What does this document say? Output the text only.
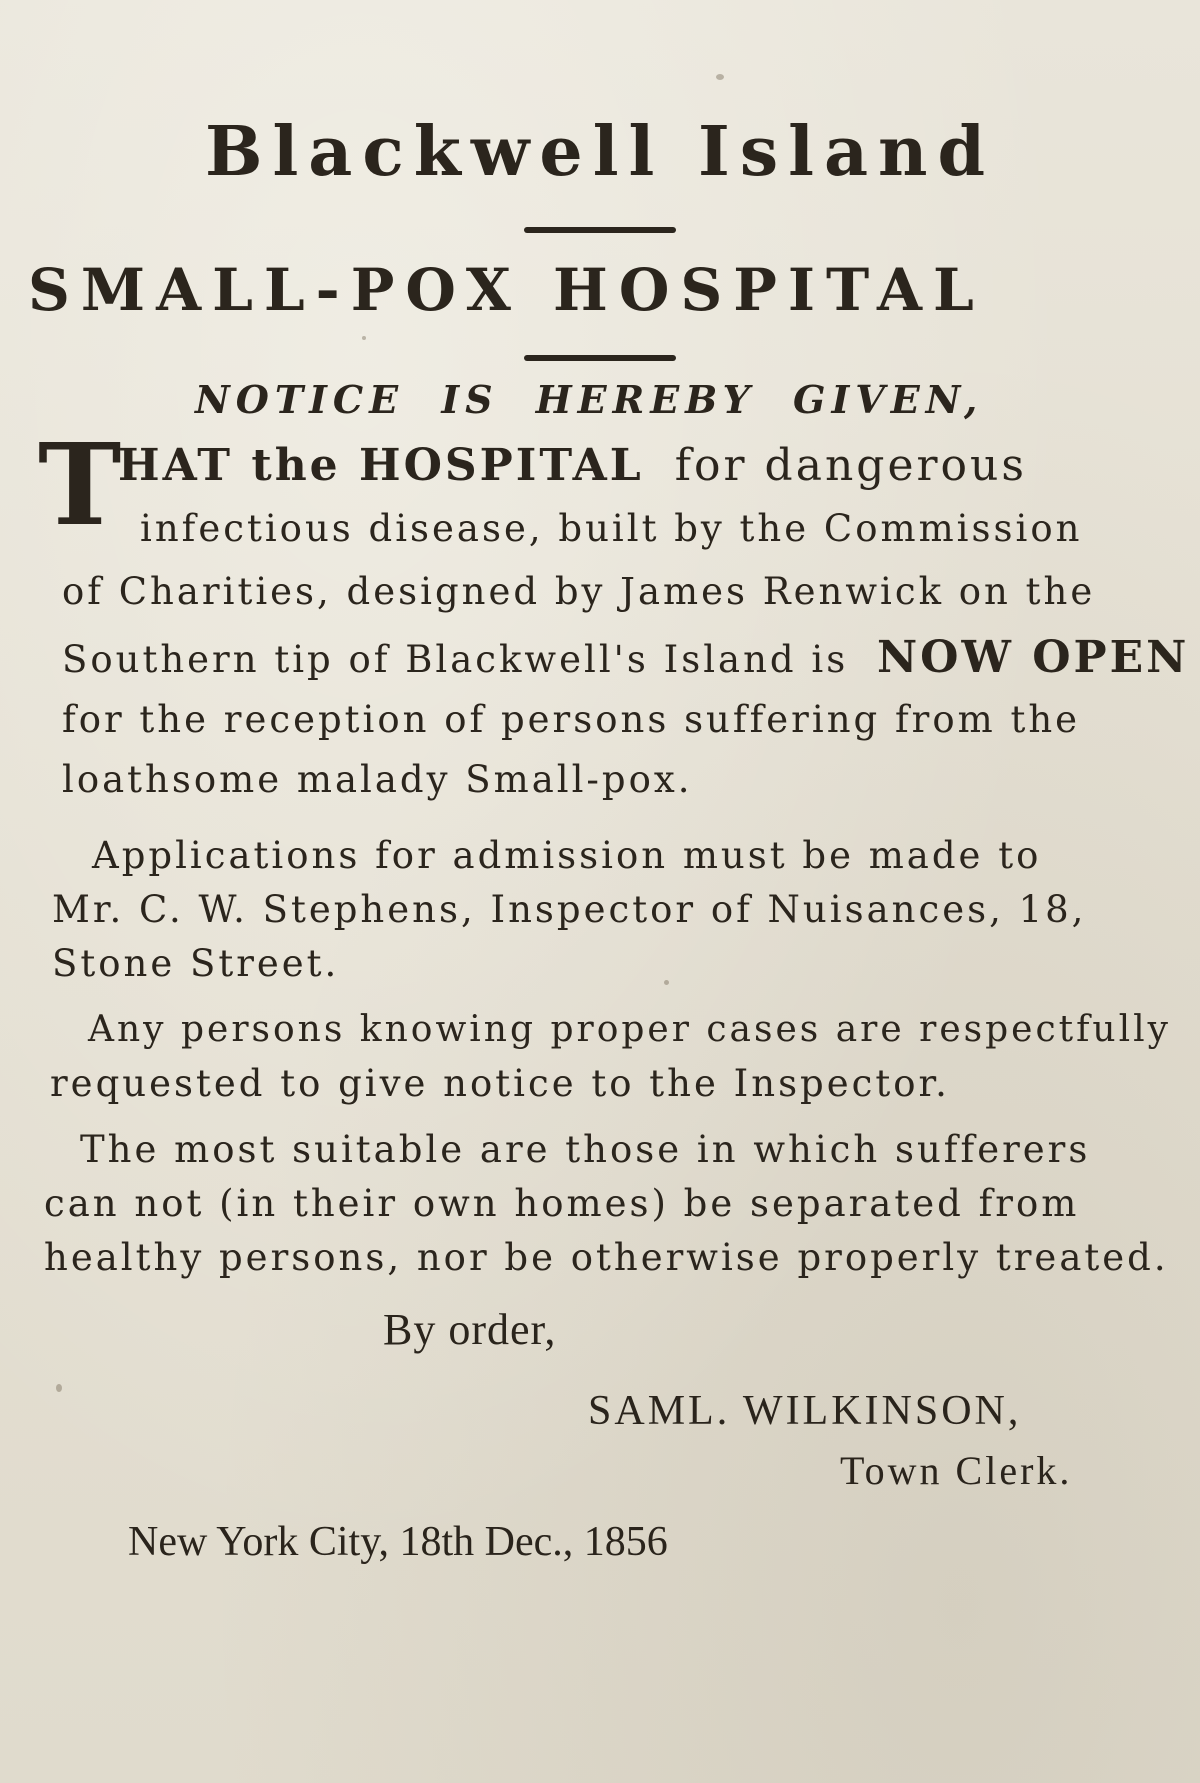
Blackwell Island
SMALL-POX HOSPITAL
NOTICE IS HEREBY GIVEN,
T
HAT the HOSPITAL for dangerous
infectious disease, built by the Commission
of Charities, designed by James Renwick on the
Southern tip of Blackwell's Island is NOW OPEN
for the reception of persons suffering from the
loathsome malady Small-pox.
Applications for admission must be made to
Mr. C. W. Stephens, Inspector of Nuisances, 18,
Stone Street.
Any persons knowing proper cases are respectfully
requested to give notice to the Inspector.
The most suitable are those in which sufferers
can not (in their own homes) be separated from
healthy persons, nor be otherwise properly treated.
By order,
SAML. WILKINSON,
Town Clerk.
New York City, 18th Dec., 1856
